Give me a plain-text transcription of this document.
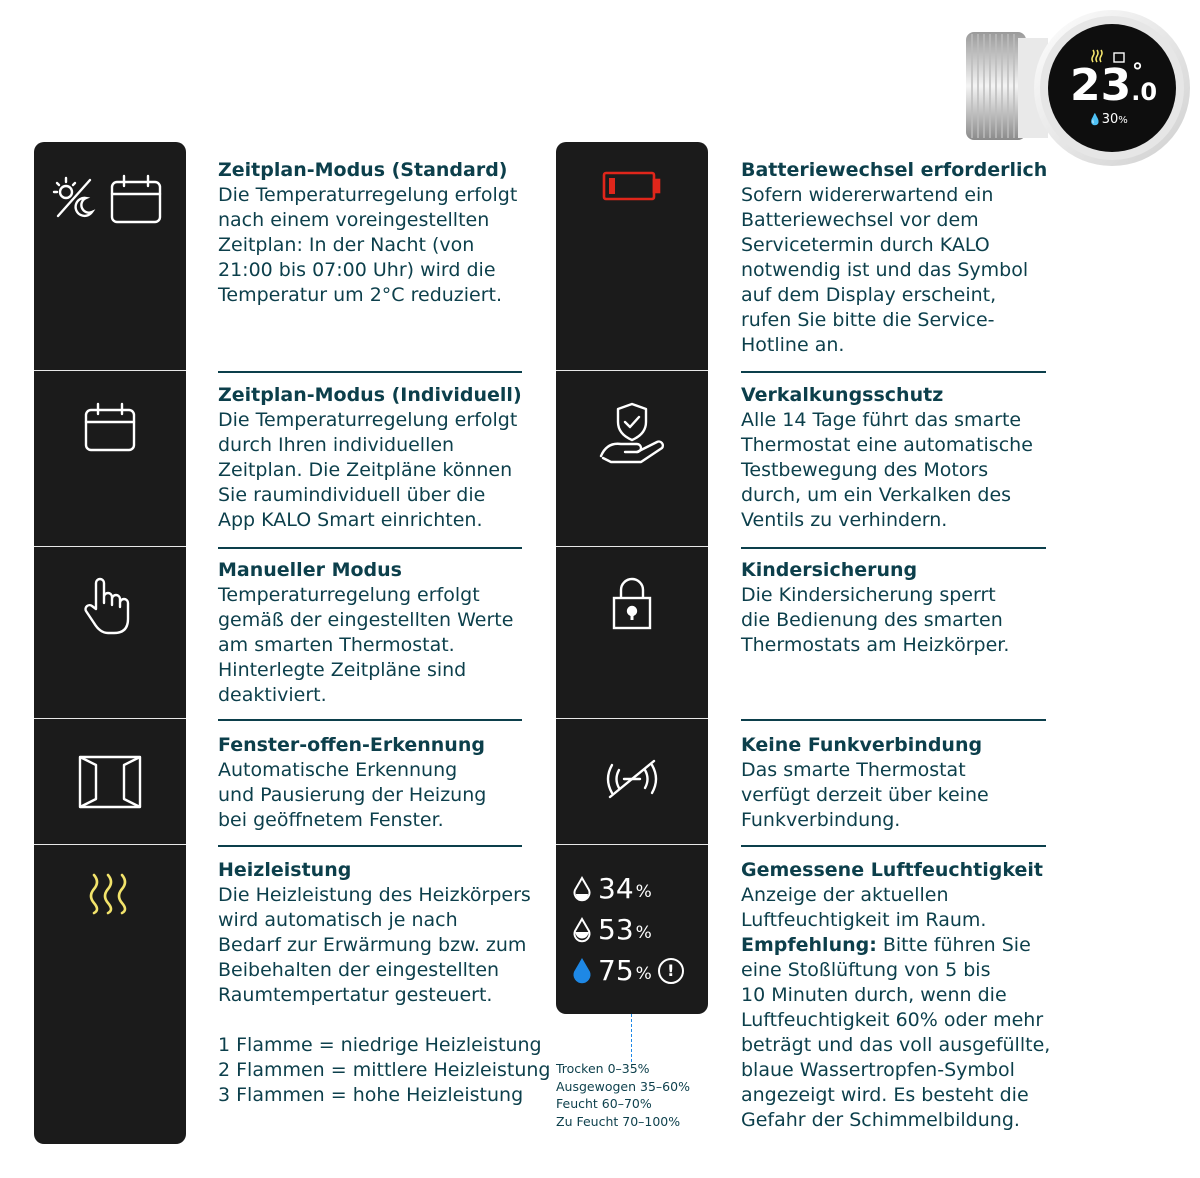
23.0
°
💧30%
34 %
53 %
75 % !
Trocken 0–35%
Ausgewogen 35–60%
Feucht 60–70%
Zu Feucht 70–100%
Zeitplan-Modus (Standard)
Die Temperaturregelung erfolgt
nach einem voreingestellten
Zeitplan: In der Nacht (von
21:00 bis 07:00 Uhr) wird die
Temperatur um 2°C reduziert.
Zeitplan-Modus (Individuell)
Die Temperaturregelung erfolgt
durch Ihren individuellen
Zeitplan. Die Zeitpläne können
Sie raumindividuell über die
App KALO Smart einrichten.
Manueller Modus
Temperaturregelung erfolgt
gemäß der eingestellten Werte
am smarten Thermostat.
Hinterlegte Zeitpläne sind
deaktiviert.
Fenster-offen-Erkennung
Automatische Erkennung
und Pausierung der Heizung
bei geöffnetem Fenster.
Heizleistung
Die Heizleistung des Heizkörpers
wird automatisch je nach
Bedarf zur Erwärmung bzw. zum
Beibehalten der eingestellten
Raumtempertatur gesteuert.

1 Flamme = niedrige Heizleistung
2 Flammen = mittlere Heizleistung
3 Flammen = hohe Heizleistung
Batteriewechsel erforderlich
Sofern widererwartend ein
Batteriewechsel vor dem
Servicetermin durch KALO
notwendig ist und das Symbol
auf dem Display erscheint,
rufen Sie bitte die Service-
Hotline an.
Verkalkungsschutz
Alle 14 Tage führt das smarte
Thermostat eine automatische
Testbewegung des Motors
durch, um ein Verkalken des
Ventils zu verhindern.
Kindersicherung
Die Kindersicherung sperrt
die Bedienung des smarten
Thermostats am Heizkörper.
Keine Funkverbindung
Das smarte Thermostat
verfügt derzeit über keine
Funkverbindung.
Gemessene Luftfeuchtigkeit
Anzeige der aktuellen
Luftfeuchtigkeit im Raum.
Empfehlung: Bitte führen Sie
eine Stoßlüftung von 5 bis
10 Minuten durch, wenn die
Luftfeuchtigkeit 60% oder mehr
beträgt und das voll ausgefüllte,
blaue Wassertropfen-Symbol
angezeigt wird. Es besteht die
Gefahr der Schimmelbildung.
